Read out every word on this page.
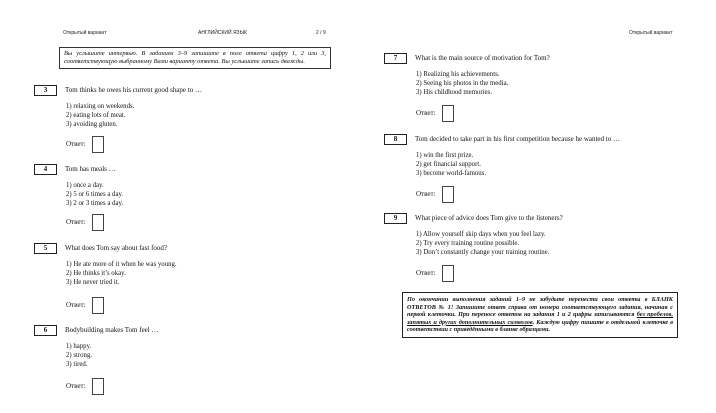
Открытый вариант	АНГЛИЙСКИЙ ЯЗЫК	2 / 9
Вы услышите интервью. В заданиях 3–9 запишите в поле ответа цифру 1, 2 или 3, соответствующую выбранному Вами варианту ответа. Вы услышите запись дважды.
3	Tom thinks he owes his current good shape to …
1) relaxing on weekends.
2) eating lots of meat.
3) avoiding gluten.
Ответ:
4	Tom has meals …
1) once a day.
2) 5 or 6 times a day.
3) 2 or 3 times a day.
Ответ:
5	What does Tom say about fast food?
1) He ate more of it when he was young.
2) He thinks it’s okay.
3) He never tried it.
Ответ:
6	Bodybuilding makes Tom feel …
1) happy.
2) strong.
3) tired.
Ответ:
Открытый вариант
7	What is the main source of motivation for Tom?
1) Realizing his achievements.
2) Seeing his photos in the media.
3) His childhood memories.
Ответ:
8	Tom decided to take part in his first competition because he wanted to …
1) win the first prize.
2) get financial support.
3) become world-famous.
Ответ:
9	What piece of advice does Tom give to the listeners?
1) Allow yourself skip days when you feel lazy.
2) Try every training routine possible.
3) Don’t constantly change your training routine.
Ответ:
По окончании выполнения заданий 1–9 не забудьте перенести свои ответы в БЛАНК ОТВЕТОВ № 1! Запишите ответ справа от номера соответствующего задания, начиная с первой клеточки. При переносе ответов на задания 1 и 2 цифры записываются без пробелов, запятых и других дополнительных символов. Каждую цифру пишите в отдельной клеточке в соответствии с приведёнными в бланке образцами.
